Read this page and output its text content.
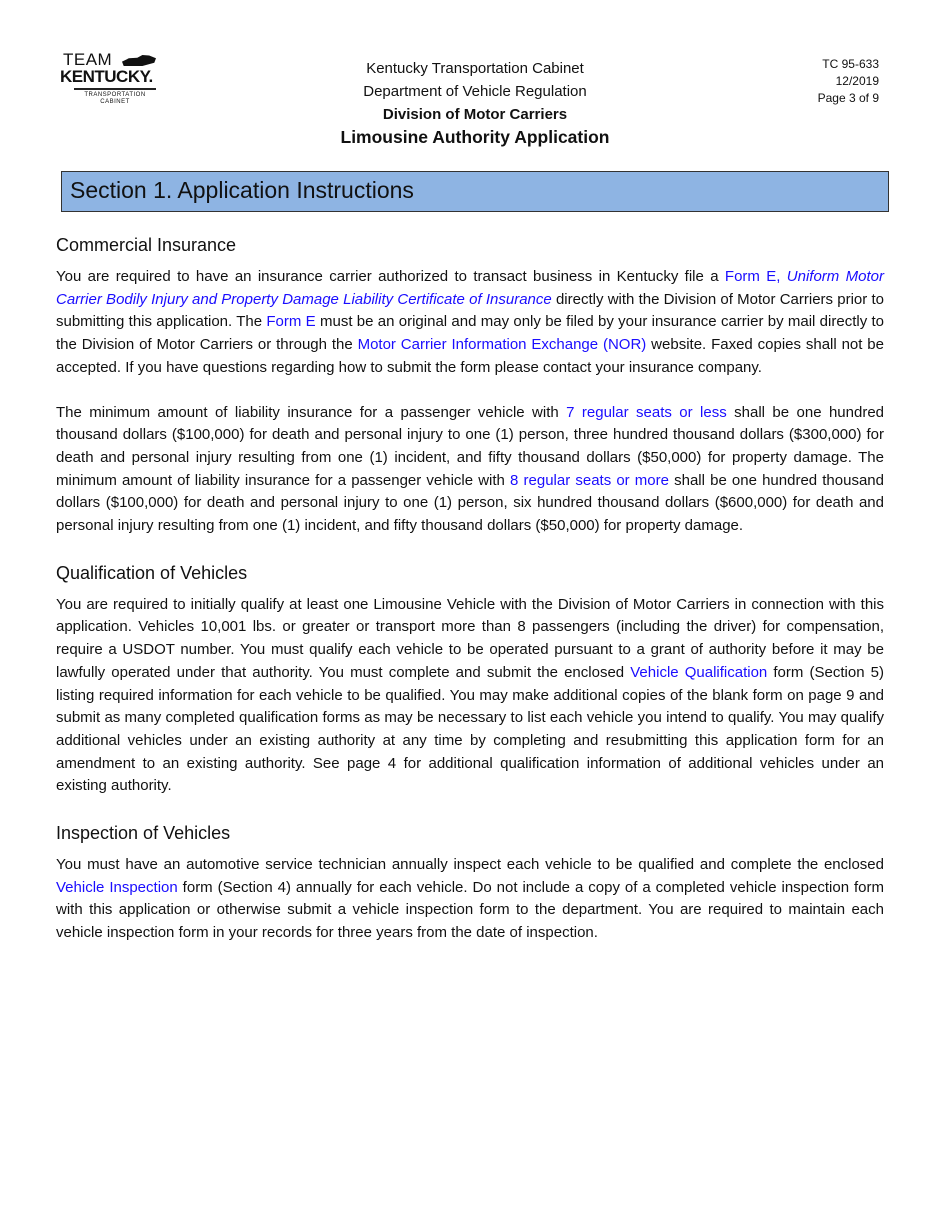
TEAM
KENTUCKY.
TRANSPORTATION
CABINET
Kentucky Transportation Cabinet
Department of Vehicle Regulation
Division of Motor Carriers
Limousine Authority Application
TC 95-633
12/2019
Page 3 of 9
Section 1. Application Instructions
Commercial Insurance

You are required to have an insurance carrier authorized to transact business in Kentucky file a Form E, Uniform Motor Carrier Bodily Injury and Property Damage Liability Certificate of Insurance directly with the Division of Motor Carriers prior to submitting this application. The Form E must be an original and may only be filed by your insurance carrier by mail directly to the Division of Motor Carriers or through the Motor Carrier Information Exchange (NOR) website. Faxed copies shall not be accepted. If you have questions regarding how to submit the form please contact your insurance company.

The minimum amount of liability insurance for a passenger vehicle with 7 regular seats or less shall be one hundred thousand dollars ($100,000) for death and personal injury to one (1) person, three hundred thousand dollars ($300,000) for death and personal injury resulting from one (1) incident, and fifty thousand dollars ($50,000) for property damage. The minimum amount of liability insurance for a passenger vehicle with 8 regular seats or more shall be one hundred thousand dollars ($100,000) for death and personal injury to one (1) person, six hundred thousand dollars ($600,000) for death and personal injury resulting from one (1) incident, and fifty thousand dollars ($50,000) for property damage.

Qualification of Vehicles

You are required to initially qualify at least one Limousine Vehicle with the Division of Motor Carriers in connection with this application. Vehicles 10,001 lbs. or greater or transport more than 8 passengers (including the driver) for compensation, require a USDOT number. You must qualify each vehicle to be operated pursuant to a grant of authority before it may be lawfully operated under that authority. You must complete and submit the enclosed Vehicle Qualification form (Section 5) listing required information for each vehicle to be qualified. You may make additional copies of the blank form on page 9 and submit as many completed qualification forms as may be necessary to list each vehicle you intend to qualify. You may qualify additional vehicles under an existing authority at any time by completing and resubmitting this application form for an amendment to an existing authority. See page 4 for additional qualification information of additional vehicles under an existing authority.

Inspection of Vehicles

You must have an automotive service technician annually inspect each vehicle to be qualified and complete the enclosed Vehicle Inspection form (Section 4) annually for each vehicle. Do not include a copy of a completed vehicle inspection form with this application or otherwise submit a vehicle inspection form to the department. You are required to maintain each vehicle inspection form in your records for three years from the date of inspection.
